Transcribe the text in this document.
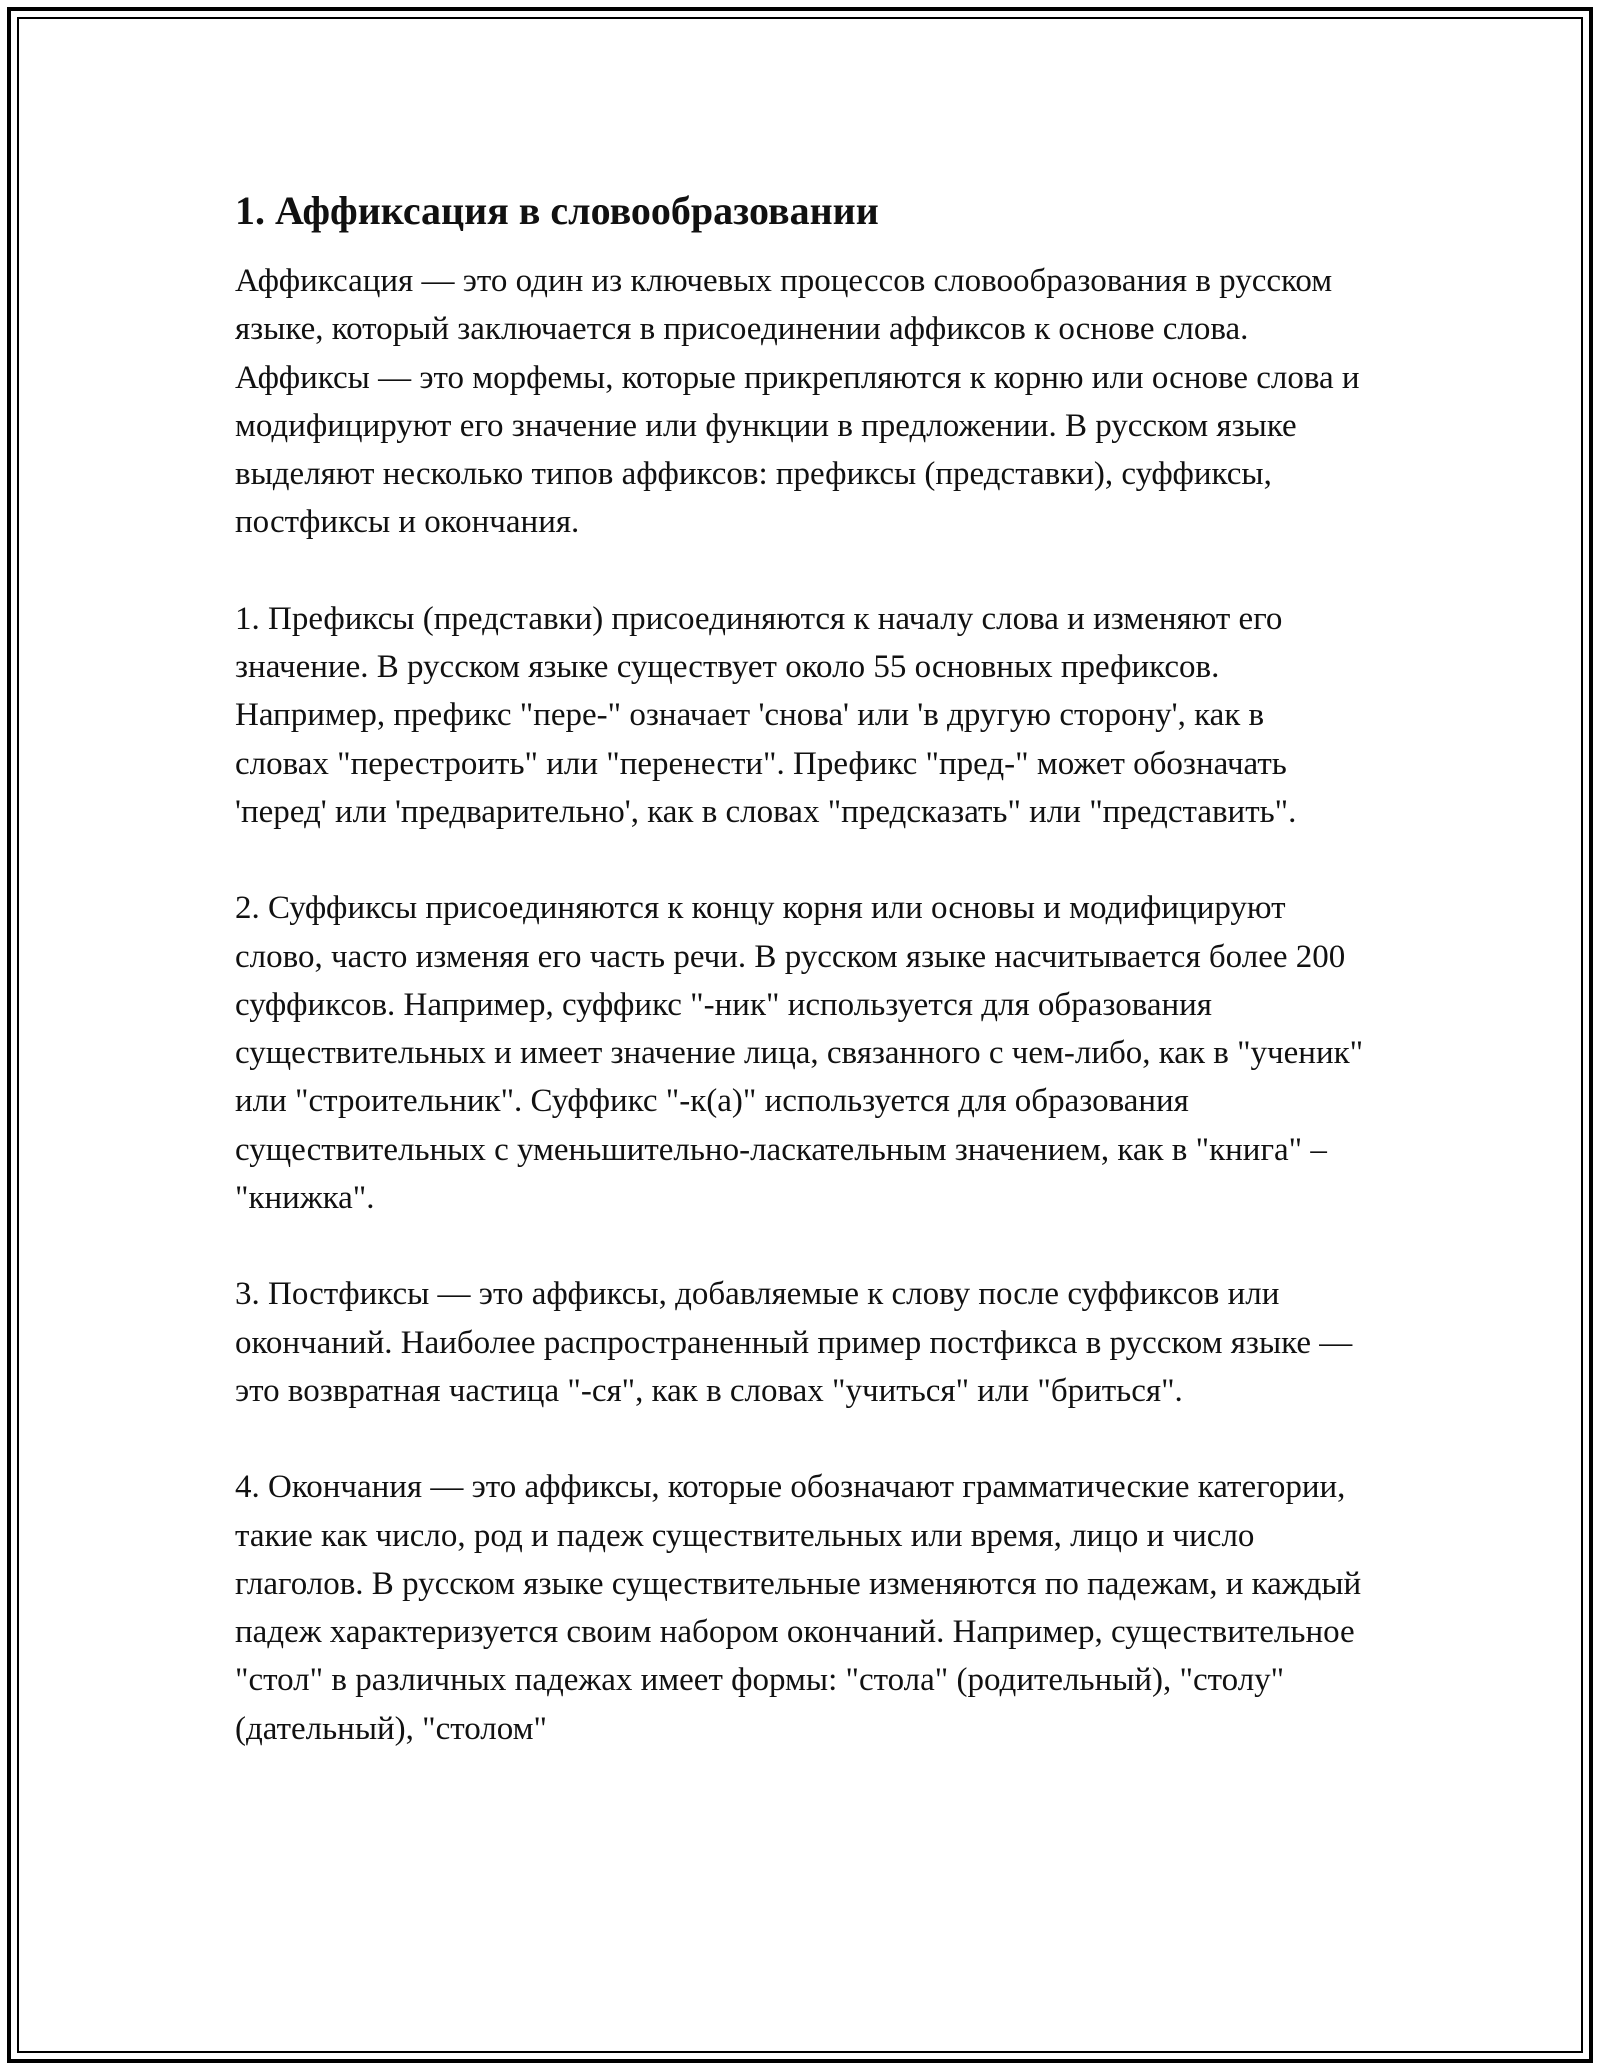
1. Аффиксация в словообразовании

Аффиксация — это один из ключевых процессов словообразования в русском языке, который заключается в присоединении аффиксов к основе слова. Аффиксы — это морфемы, которые прикрепляются к корню или основе слова и модифицируют его значение или функции в предложении. В русском языке выделяют несколько типов аффиксов: префиксы (представки), суффиксы, постфиксы и окончания.

1. Префиксы (представки) присоединяются к началу слова и изменяют его значение. В русском языке существует около 55 основных префиксов. Например, префикс "пере-" означает 'снова' или 'в другую сторону', как в словах "перестроить" или "перенести". Префикс "пред-" может обозначать 'перед' или 'предварительно', как в словах "предсказать" или "представить".

2. Суффиксы присоединяются к концу корня или основы и модифицируют слово, часто изменяя его часть речи. В русском языке насчитывается более 200 суффиксов. Например, суффикс "-ник" используется для образования существительных и имеет значение лица, связанного с чем-либо, как в "ученик" или "строительник". Суффикс "-к(а)" используется для образования существительных с уменьшительно-ласкательным значением, как в "книга" – "книжка".

3. Постфиксы — это аффиксы, добавляемые к слову после суффиксов или окончаний. Наиболее распространенный пример постфикса в русском языке — это возвратная частица "-ся", как в словах "учиться" или "бриться".

4. Окончания — это аффиксы, которые обозначают грамматические категории, такие как число, род и падеж существительных или время, лицо и число глаголов. В русском языке существительные изменяются по падежам, и каждый падеж характеризуется своим набором окончаний. Например, существительное "стол" в различных падежах имеет формы: "стола" (родительный), "столу" (дательный), "столом"
